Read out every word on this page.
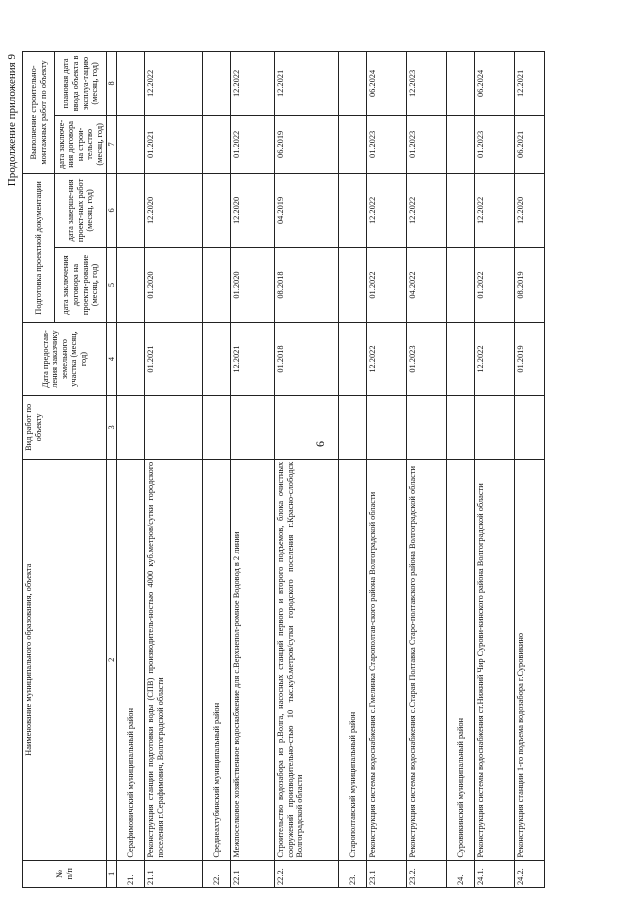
6
Продолжение приложения 9
№
п/п	Наименование муниципального образования, объекта	Вид работ по объекту	Дата предостав-ления заказчику земельного участка (месяц, год)	Подготовка проектной документации		Выполнение строительно-монтажных работ по объекту	
				дата заключения договора на проекти-рование (месяц, год)	дата заверше-ния проект-ных работ (месяц, год)	дата заключе-ния договора на строи-тельство (месяц, год)	плановая дата ввода объекта в эксплуа-тацию (месяц, год)
1	2	3	4	5	6	7	8
21.	Серафимовичский муниципальный район						
21.1	Реконструкция станции подготовки воды (СПВ) производитель-ностью 4000 куб.метров/сутки городского поселения г.Серафимович, Волгоградской области		01.2021	01.2020	12.2020	01.2021	12.2022
22.	Среднеахтубинский муниципальный район						
22.1	Межпоселковое хозяйственное водоснабжение для с.Верхнепол-ромное Водовод в 2 линии		12.2021	01.2020	12.2020	01.2022	12.2022
22.2.	Строительство водозабора из р.Волга, насосных станций первого и второго подъемов, блока очистных сооружений производительно-стью 10 тыс.куб.метров/сутки городского поселения г.Красно-слободск Волгоградской области		01.2018	08.2018	04.2019	06.2019	12.2021
23.	Старополтавский муниципальный район						
23.1	Реконструкция системы водоснабжения с.Гмелинка Старополтав-ского района Волгоградской области		12.2022	01.2022	12.2022	01.2023	06.2024
23.2.	Реконструкция системы водоснабжения с.Старая Полтавка Старо-полтавского района Волгоградской области		01.2023	04.2022	12.2022	01.2023	12.2023
24.	Суровикинский муниципальный район						
24.1.	Реконструкция системы водоснабжения ст.Нижний Чир Сурови-кинского района Волгоградской области		12.2022	01.2022	12.2022	01.2023	06.2024
24.2.	Реконструкция станции 1-го подъема водозабора г.Суровикино		01.2019	08.2019	12.2020	06.2021	12.2021
